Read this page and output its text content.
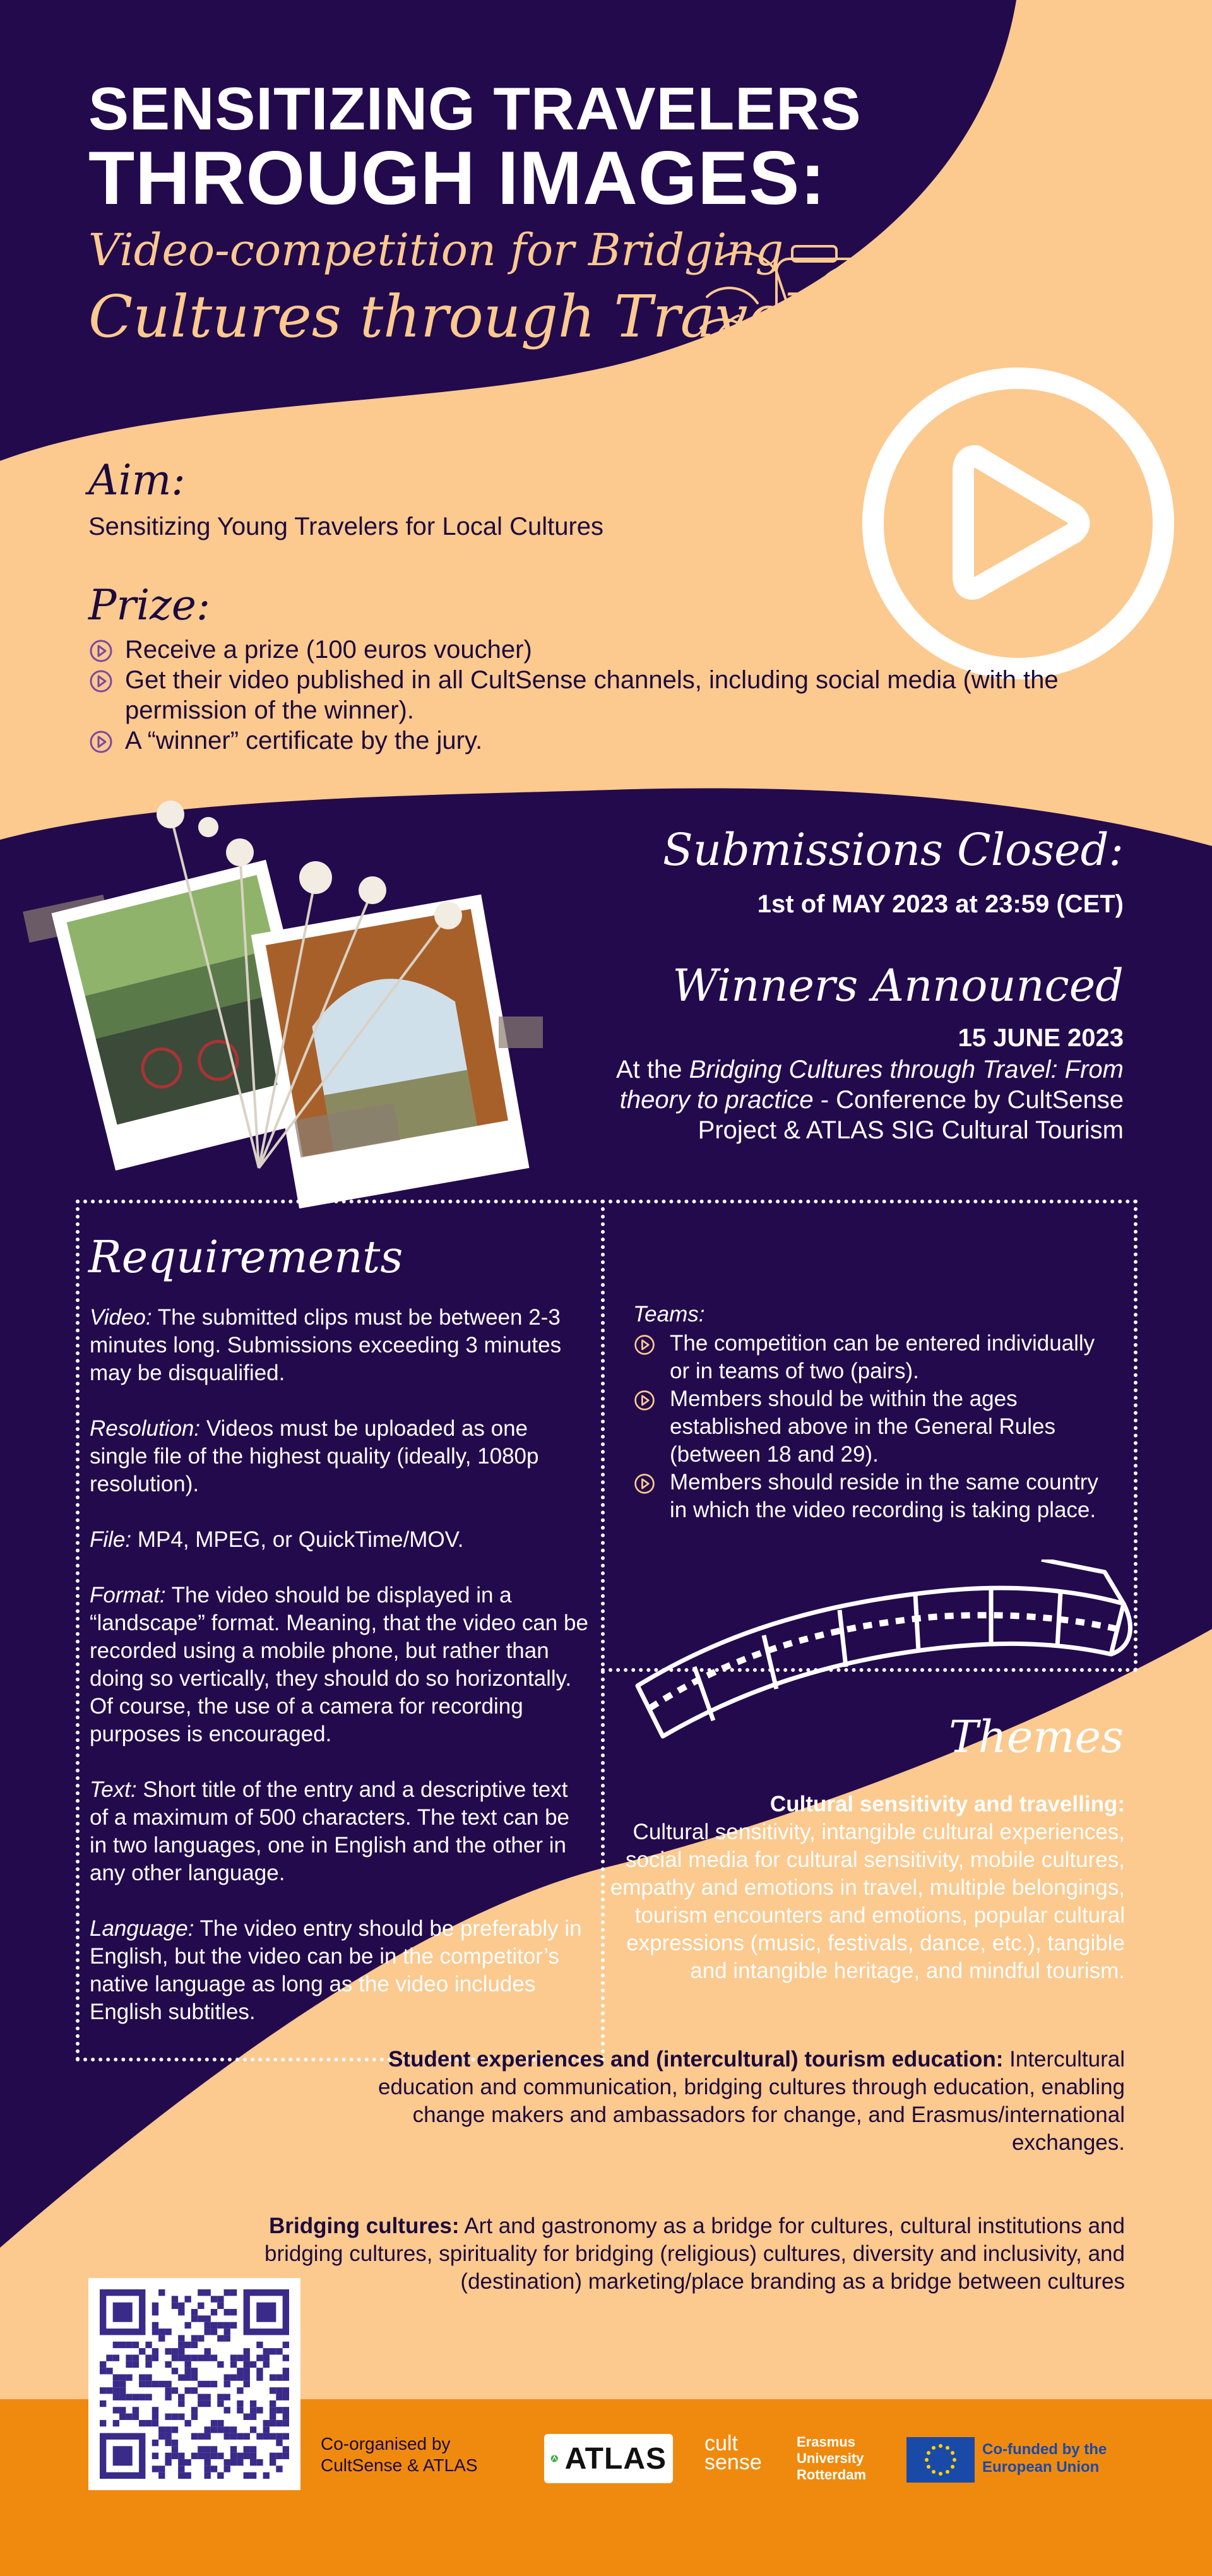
SENSITIZING TRAVELERS
THROUGH IMAGES:
Video-competition for Bridging
Cultures through Travel
Aim:
Sensitizing Young Travelers for Local Cultures
Prize:
Receive a prize (100 euros voucher)
Get their video published in all CultSense channels, including social media (with the permission of the winner).
A “winner” certificate by the jury.
Submissions Closed:
1st of MAY 2023 at 23:59 (CET)
Winners Announced
15 JUNE 2023
At the Bridging Cultures through Travel: From theory to practice - Conference by CultSense Project & ATLAS SIG Cultural Tourism
Requirements

Video: The submitted clips must be between 2-3 minutes long. Submissions exceeding 3 minutes may be disqualified.

Resolution: Videos must be uploaded as one single file of the highest quality (ideally, 1080p resolution).

File: MP4, MPEG, or QuickTime/MOV.

Format: The video should be displayed in a “landscape” format. Meaning, that the video can be recorded using a mobile phone, but rather than doing so vertically, they should do so horizontally. Of course, the use of a camera for recording purposes is encouraged.

Text: Short title of the entry and a descriptive text of a maximum of 500 characters. The text can be in two languages, one in English and the other in any other language.

Language: The video entry should be preferably in English, but the video can be in the competitor’s native language as long as the video includes English subtitles.

Teams:
The competition can be entered individually or in teams of two (pairs).
Members should be within the ages established above in the General Rules (between 18 and 29).
Members should reside in the same country in which the video recording is taking place.
Themes
Cultural sensitivity and travelling:
Cultural sensitivity, intangible cultural experiences, social media for cultural sensitivity, mobile cultures, empathy and emotions in travel, multiple belongings, tourism encounters and emotions, popular cultural expressions (music, festivals, dance, etc.), tangible and intangible heritage, and mindful tourism.
Student experiences and (intercultural) tourism education: Intercultural education and communication, bridging cultures through education, enabling change makers and ambassadors for change, and Erasmus/international exchanges.
Bridging cultures: Art and gastronomy as a bridge for cultures, cultural institutions and bridging cultures, spirituality for bridging (religious) cultures, diversity and inclusivity, and (destination) marketing/place branding as a bridge between cultures
Co-organised by CultSense & ATLAS	ATLAS cult sense
Erasmus University Rotterdam
Co-funded by the European Union
